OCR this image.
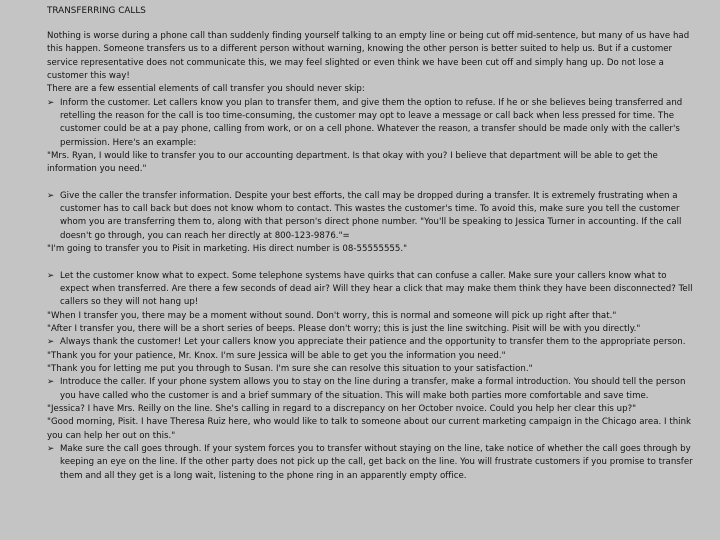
TRANSFERRING CALLS

Nothing is worse during a phone call than suddenly finding yourself talking to an empty line or being cut off mid-sentence, but many of us have had this happen. Someone transfers us to a different person without warning, knowing the other person is better suited to help us. But if a customer service representative does not communicate this, we may feel slighted or even think we have been cut off and simply hang up. Do not lose a customer this way!

There are a few essential elements of call transfer you should never skip:

➢ Inform the customer. Let callers know you plan to transfer them, and give them the option to refuse. If he or she believes being transferred and retelling the reason for the call is too time-consuming, the customer may opt to leave a message or call back when less pressed for time. The customer could be at a pay phone, calling from work, or on a cell phone. Whatever the reason, a transfer should be made only with the caller's permission. Here's an example:

"Mrs. Ryan, I would like to transfer you to our accounting department. Is that okay with you? I believe that department will be able to get the information you need."

➢ Give the caller the transfer information. Despite your best efforts, the call may be dropped during a transfer. It is extremely frustrating when a customer has to call back but does not know whom to contact. This wastes the customer's time. To avoid this, make sure you tell the customer whom you are transferring them to, along with that person's direct phone number. "You'll be speaking to Jessica Turner in accounting. If the call doesn't go through, you can reach her directly at 800-123-9876."=

"I'm going to transfer you to Pisit in marketing. His direct number is 08-55555555."

➢ Let the customer know what to expect. Some telephone systems have quirks that can confuse a caller. Make sure your callers know what to expect when transferred. Are there a few seconds of dead air? Will they hear a click that may make them think they have been disconnected? Tell callers so they will not hang up!

"When I transfer you, there may be a moment without sound. Don't worry, this is normal and someone will pick up right after that."

"After I transfer you, there will be a short series of beeps. Please don't worry; this is just the line switching. Pisit will be with you directly."

➢ Always thank the customer! Let your callers know you appreciate their patience and the opportunity to transfer them to the appropriate person.

"Thank you for your patience, Mr. Knox. I'm sure Jessica will be able to get you the information you need."

"Thank you for letting me put you through to Susan. I'm sure she can resolve this situation to your satisfaction."

➢ Introduce the caller. If your phone system allows you to stay on the line during a transfer, make a formal introduction. You should tell the person you have called who the customer is and a brief summary of the situation. This will make both parties more comfortable and save time.

"Jessica? I have Mrs. Reilly on the line. She's calling in regard to a discrepancy on her October nvoice. Could you help her clear this up?"

"Good morning, Pisit. I have Theresa Ruiz here, who would like to talk to someone about our current marketing campaign in the Chicago area. I think you can help her out on this."

➢ Make sure the call goes through. If your system forces you to transfer without staying on the line, take notice of whether the call goes through by keeping an eye on the line. If the other party does not pick up the call, get back on the line. You will frustrate customers if you promise to transfer them and all they get is a long wait, listening to the phone ring in an apparently empty office.
